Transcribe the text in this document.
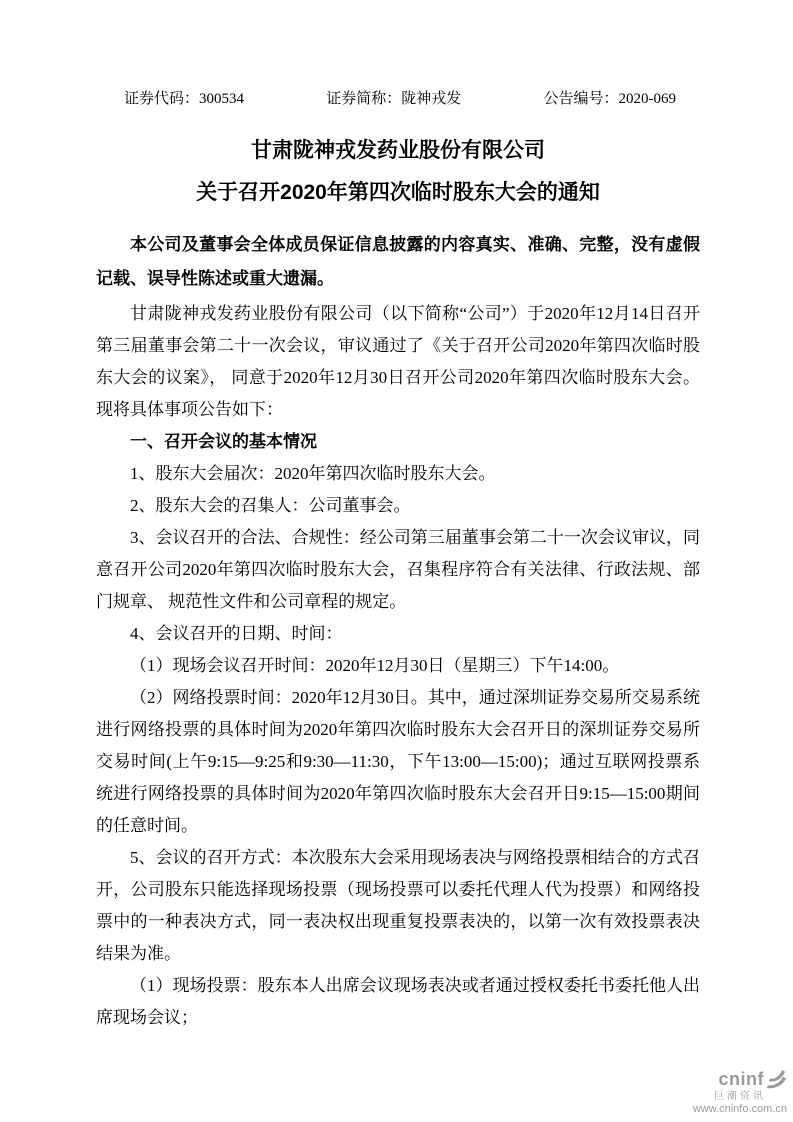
证券代码：300534	证券简称：陇神戎发	公告编号：2020-069
甘肃陇神戎发药业股份有限公司
关于召开2020年第四次临时股东大会的通知

本公司及董事会全体成员保证信息披露的内容真实、准确、完整，没有虚假记载、误导性陈述或重大遗漏。

甘肃陇神戎发药业股份有限公司（以下简称“公司”）于2020年12月14日召开第三届董事会第二十一次会议，审议通过了《关于召开公司2020年第四次临时股东大会的议案》， 同意于2020年12月30日召开公司2020年第四次临时股东大会。现将具体事项公告如下：

一、召开会议的基本情况

1、股东大会届次：2020年第四次临时股东大会。

2、股东大会的召集人：公司董事会。

3、会议召开的合法、合规性：经公司第三届董事会第二十一次会议审议，同意召开公司2020年第四次临时股东大会，召集程序符合有关法律、行政法规、部门规章、 规范性文件和公司章程的规定。

4、会议召开的日期、时间：

（1）现场会议召开时间：2020年12月30日（星期三）下午14:00。

（2）网络投票时间：2020年12月30日。其中，通过深圳证券交易所交易系统进行网络投票的具体时间为2020年第四次临时股东大会召开日的深圳证券交易所交易时间(上午9:15—9:25和9:30—11:30，下午13:00—15:00)；通过互联网投票系统进行网络投票的具体时间为2020年第四次临时股东大会召开日9:15—15:00期间的任意时间。

5、会议的召开方式：本次股东大会采用现场表决与网络投票相结合的方式召开，公司股东只能选择现场投票（现场投票可以委托代理人代为投票）和网络投票中的一种表决方式，同一表决权出现重复投票表决的，以第一次有效投票表决结果为准。

（1）现场投票：股东本人出席会议现场表决或者通过授权委托书委托他人出席现场会议；

cninf
巨潮资讯
www.cninfo.com.cn
